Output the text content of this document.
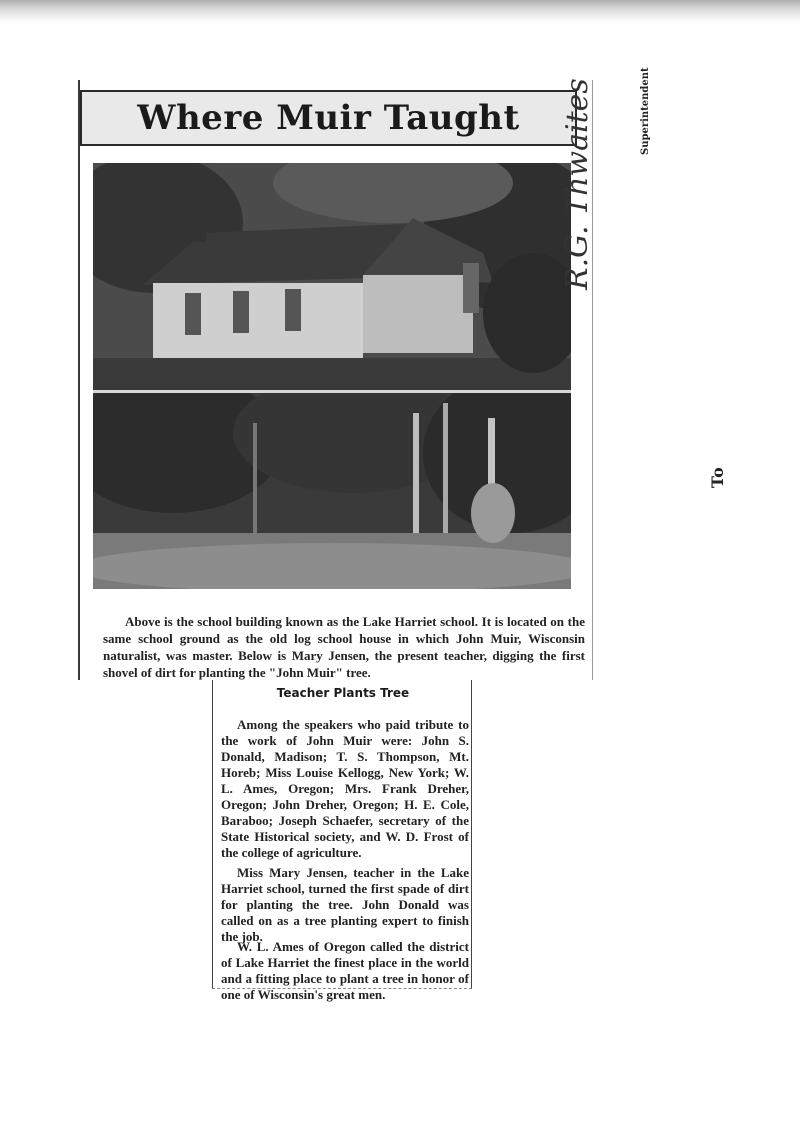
Where Muir Taught

Above is the school building known as the Lake Harriet school. It is located on the same school ground as the old log school house in which John Muir, Wisconsin naturalist, was master. Below is Mary Jensen, the present teacher, digging the first shovel of dirt for planting the "John Muir" tree.

Teacher Plants Tree

Among the speakers who paid tribute to the work of John Muir were: John S. Donald, Madison; T. S. Thompson, Mt. Horeb; Miss Louise Kellogg, New York; W. L. Ames, Oregon; Mrs. Frank Dreher, Oregon; John Dreher, Oregon; H. E. Cole, Baraboo; Joseph Schaefer, secretary of the State Historical society, and W. D. Frost of the college of agriculture.

Miss Mary Jensen, teacher in the Lake Harriet school, turned the first spade of dirt for planting the tree. John Donald was called on as a tree planting expert to finish the job.

W. L. Ames of Oregon called the district of Lake Harriet the finest place in the world and a fitting place to plant a tree in honor of one of Wisconsin's great men.

R.G. Thwaites	Superintendent
To
